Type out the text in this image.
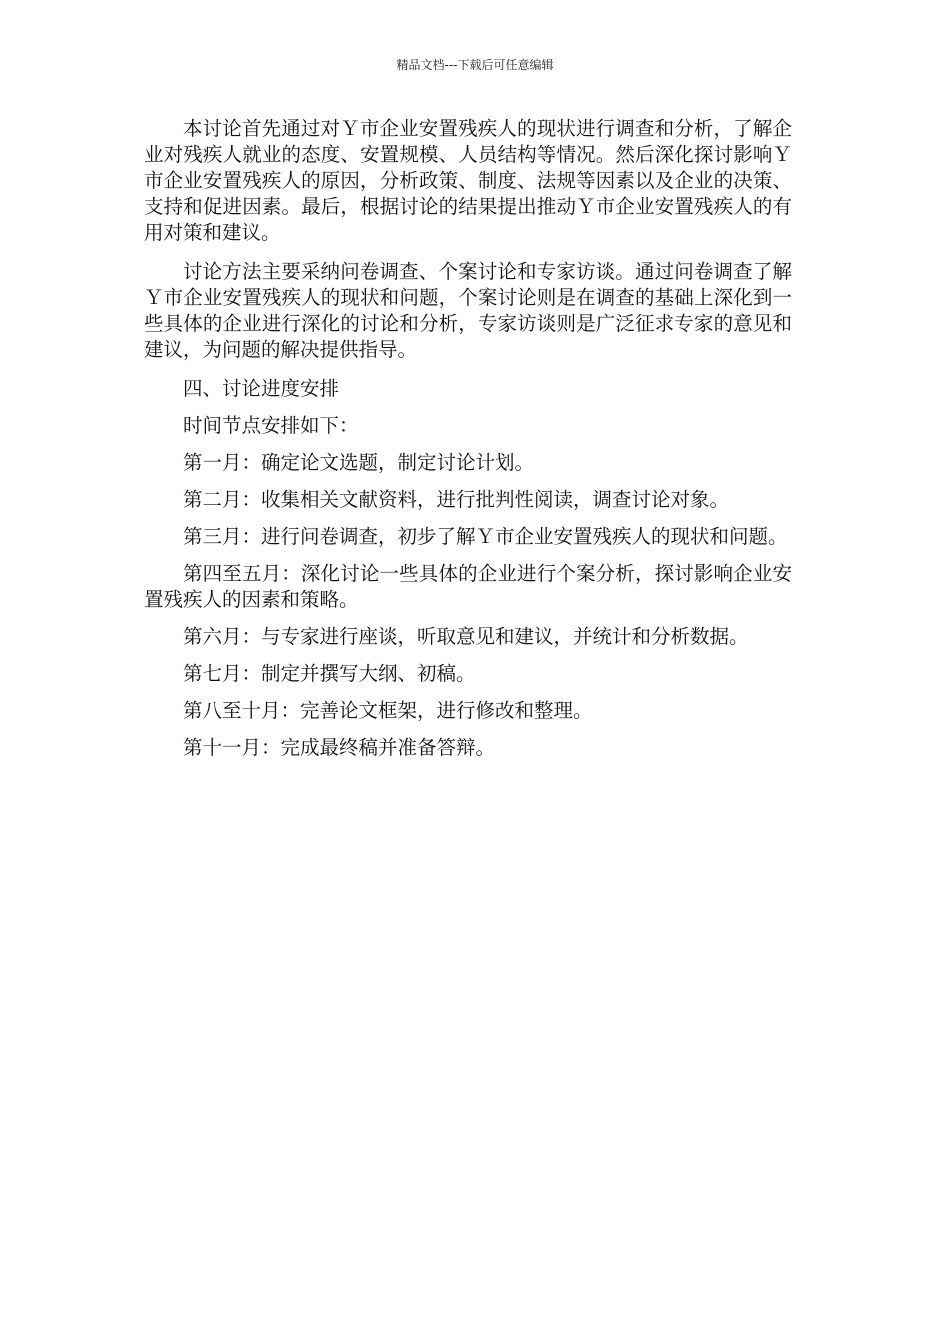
精品文档---下载后可任意编辑

本讨论首先通过对Ｙ市企业安置残疾人的现状进行调查和分析，了解企业对残疾人就业的态度、安置规模、人员结构等情况。然后深化探讨影响Ｙ市企业安置残疾人的原因，分析政策、制度、法规等因素以及企业的决策、支持和促进因素。最后，根据讨论的结果提出推动Ｙ市企业安置残疾人的有用对策和建议。

讨论方法主要采纳问卷调查、个案讨论和专家访谈。通过问卷调查了解Ｙ市企业安置残疾人的现状和问题，个案讨论则是在调查的基础上深化到一些具体的企业进行深化的讨论和分析，专家访谈则是广泛征求专家的意见和建议，为问题的解决提供指导。

四、讨论进度安排

时间节点安排如下：

第一月：确定论文选题，制定讨论计划。

第二月：收集相关文献资料，进行批判性阅读，调查讨论对象。

第三月：进行问卷调查，初步了解Ｙ市企业安置残疾人的现状和问题。

第四至五月：深化讨论一些具体的企业进行个案分析，探讨影响企业安置残疾人的因素和策略。

第六月：与专家进行座谈，听取意见和建议，并统计和分析数据。

第七月：制定并撰写大纲、初稿。

第八至十月：完善论文框架，进行修改和整理。

第十一月：完成最终稿并准备答辩。
